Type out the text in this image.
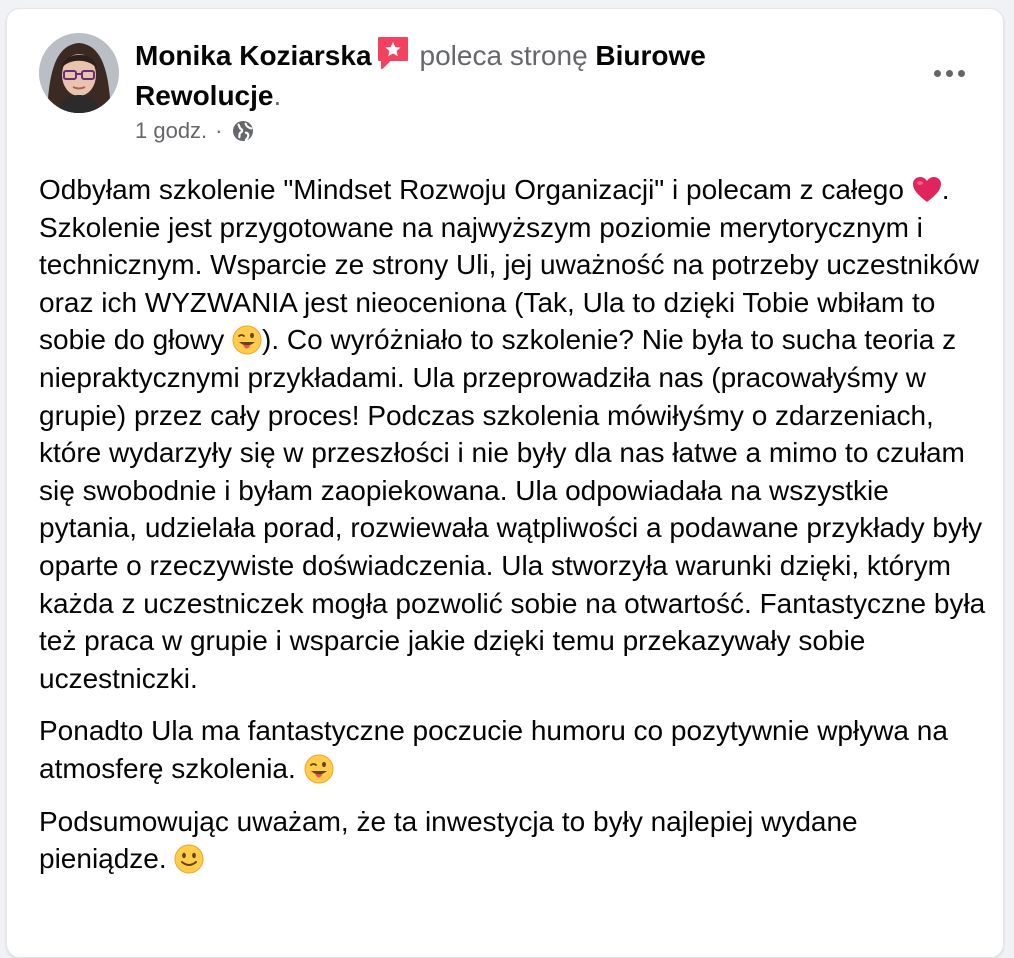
Monika Koziarska poleca stronę Biurowe Rewolucje.
1 godz. ·

Odbyłam szkolenie "Mindset Rozwoju Organizacji" i polecam z całego . Szkolenie jest przygotowane na najwyższym poziomie merytorycznym i technicznym. Wsparcie ze strony Uli, jej uważność na potrzeby uczestników oraz ich WYZWANIA jest nieoceniona (Tak, Ula to dzięki Tobie wbiłam to sobie do głowy ). Co wyróżniało to szkolenie? Nie była to sucha teoria z niepraktycznymi przykładami. Ula przeprowadziła nas (pracowałyśmy w grupie) przez cały proces! Podczas szkolenia mówiłyśmy o zdarzeniach, które wydarzyły się w przeszłości i nie były dla nas łatwe a mimo to czułam się swobodnie i byłam zaopiekowana. Ula odpowiadała na wszystkie pytania, udzielała porad, rozwiewała wątpliwości a podawane przykłady były oparte o rzeczywiste doświadczenia. Ula stworzyła warunki dzięki, którym każda z uczestniczek mogła pozwolić sobie na otwartość. Fantastyczne była też praca w grupie i wsparcie jakie dzięki temu przekazywały sobie uczestniczki.

Ponadto Ula ma fantastyczne poczucie humoru co pozytywnie wpływa na atmosferę szkolenia.

Podsumowując uważam, że ta inwestycja to były najlepiej wydane pieniądze.
